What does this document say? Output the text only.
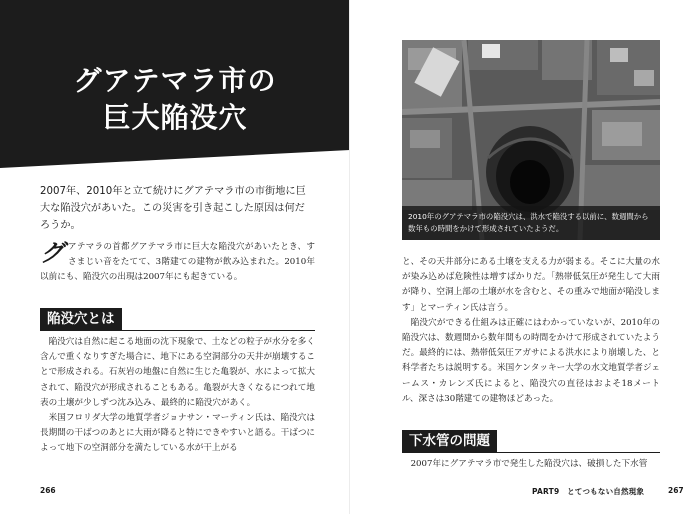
グアテマラ市の
巨大陥没穴

2007年、2010年と立て続けにグアテマラ市の市街地に巨大な陥没穴があいた。この災害を引き起こした原因は何だろうか。

グアテマラの首都グアテマラ市に巨大な陥没穴があいたとき、すさまじい音をたてて、3階建ての建物が飲み込まれた。2010年以前にも、陥没穴の出現は2007年にも起きている。
陥没穴とは

陥没穴は自然に起こる地面の沈下現象で、土などの粒子が水分を多く含んで重くなりすぎた場合に、地下にある空洞部分の天井が崩壊することで形成される。石灰岩の地盤に自然に生じた亀裂が、水によって拡大されて、陥没穴が形成されることもある。亀裂が大きくなるにつれて地表の土壌が少しずつ沈み込み、最終的に陥没穴があく。

米国フロリダ大学の地質学者ジョナサン・マーティン氏は、陥没穴は長期間の干ばつのあとに大雨が降ると特にできやすいと語る。干ばつによって地下の空洞部分を満たしている水が干上がる

266
2010年のグアテマラ市の陥没穴は、洪水で陥没する以前に、数週間から数年もの時間をかけて形成されていたようだ。

と、その天井部分にある土壌を支える力が弱まる。そこに大量の水が染み込めば危険性は増すばかりだ。「熱帯低気圧が発生して大雨が降り、空洞上部の土壌が水を含むと、その重みで地面が陥没します」とマーティン氏は言う。

陥没穴ができる仕組みは正確にはわかっていないが、2010年の陥没穴は、数週間から数年間もの時間をかけて形成されていたようだ。最終的には、熱帯低気圧アガサによる洪水により崩壊した、と科学者たちは説明する。米国ケンタッキー大学の水文地質学者ジェームス・カレンズ氏によると、陥没穴の直径はおよそ18メートル、深さは30階建ての建物ほどあった。

下水管の問題

2007年にグアテマラ市で発生した陥没穴は、破損した下水管

PART9　とてつもない自然現象	267
